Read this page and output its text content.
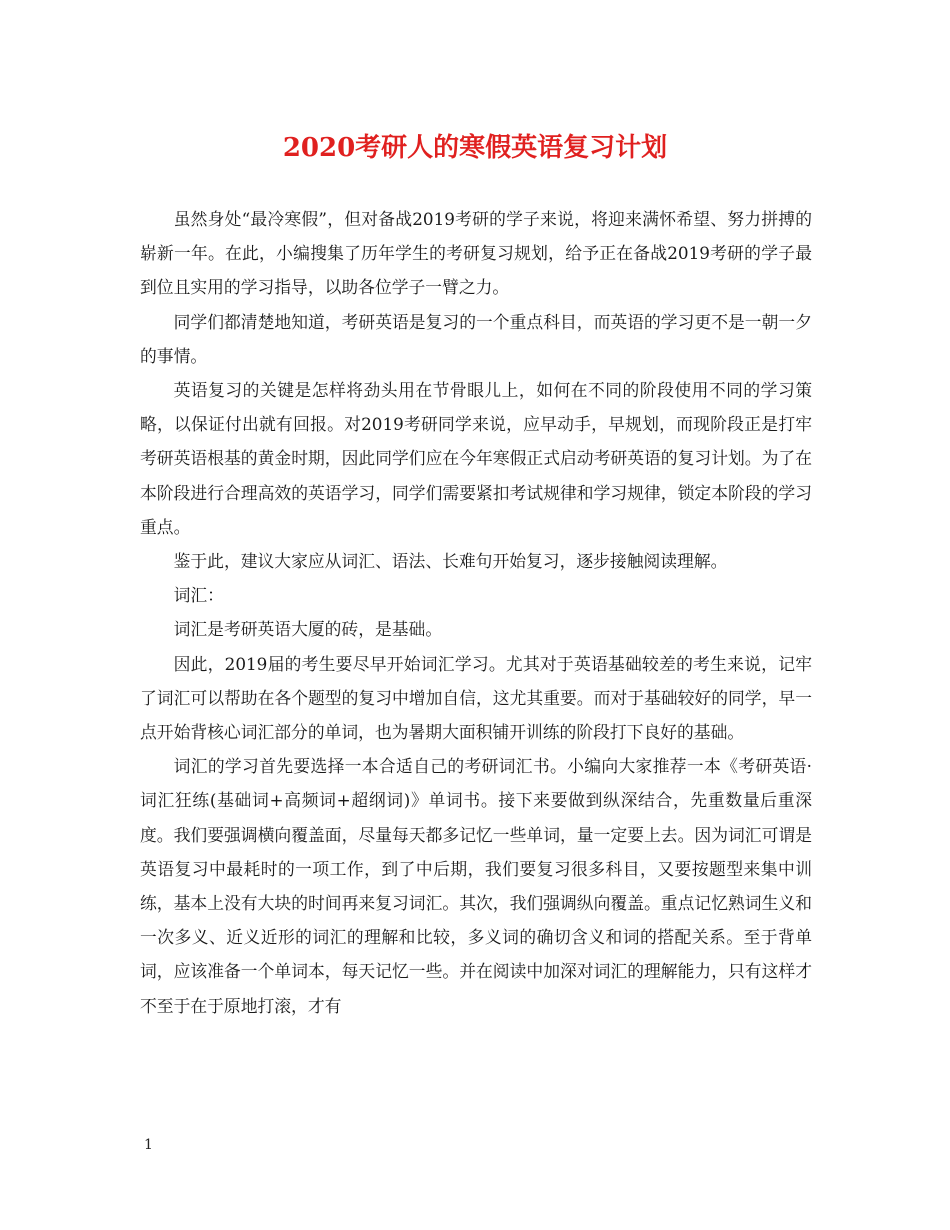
2020考研人的寒假英语复习计划

虽然身处“最冷寒假”，但对备战2019考研的学子来说，将迎来满怀希望、努力拼搏的崭新一年。在此，小编搜集了历年学生的考研复习规划，给予正在备战2019考研的学子最到位且实用的学习指导，以助各位学子一臂之力。

同学们都清楚地知道，考研英语是复习的一个重点科目，而英语的学习更不是一朝一夕的事情。

英语复习的关键是怎样将劲头用在节骨眼儿上，如何在不同的阶段使用不同的学习策略，以保证付出就有回报。对2019考研同学来说，应早动手，早规划，而现阶段正是打牢考研英语根基的黄金时期，因此同学们应在今年寒假正式启动考研英语的复习计划。为了在本阶段进行合理高效的英语学习，同学们需要紧扣考试规律和学习规律，锁定本阶段的学习重点。

鉴于此，建议大家应从词汇、语法、长难句开始复习，逐步接触阅读理解。

词汇：

词汇是考研英语大厦的砖，是基础。

因此，2019届的考生要尽早开始词汇学习。尤其对于英语基础较差的考生来说，记牢了词汇可以帮助在各个题型的复习中增加自信，这尤其重要。而对于基础较好的同学，早一点开始背核心词汇部分的单词，也为暑期大面积铺开训练的阶段打下良好的基础。

词汇的学习首先要选择一本合适自己的考研词汇书。小编向大家推荐一本《考研英语·词汇狂练(基础词+高频词+超纲词)》单词书。接下来要做到纵深结合，先重数量后重深度。我们要强调横向覆盖面，尽量每天都多记忆一些单词，量一定要上去。因为词汇可谓是英语复习中最耗时的一项工作，到了中后期，我们要复习很多科目，又要按题型来集中训练，基本上没有大块的时间再来复习词汇。其次，我们强调纵向覆盖。重点记忆熟词生义和一次多义、近义近形的词汇的理解和比较，多义词的确切含义和词的搭配关系。至于背单词，应该准备一个单词本，每天记忆一些。并在阅读中加深对词汇的理解能力，只有这样才不至于在于原地打滚，才有

1
